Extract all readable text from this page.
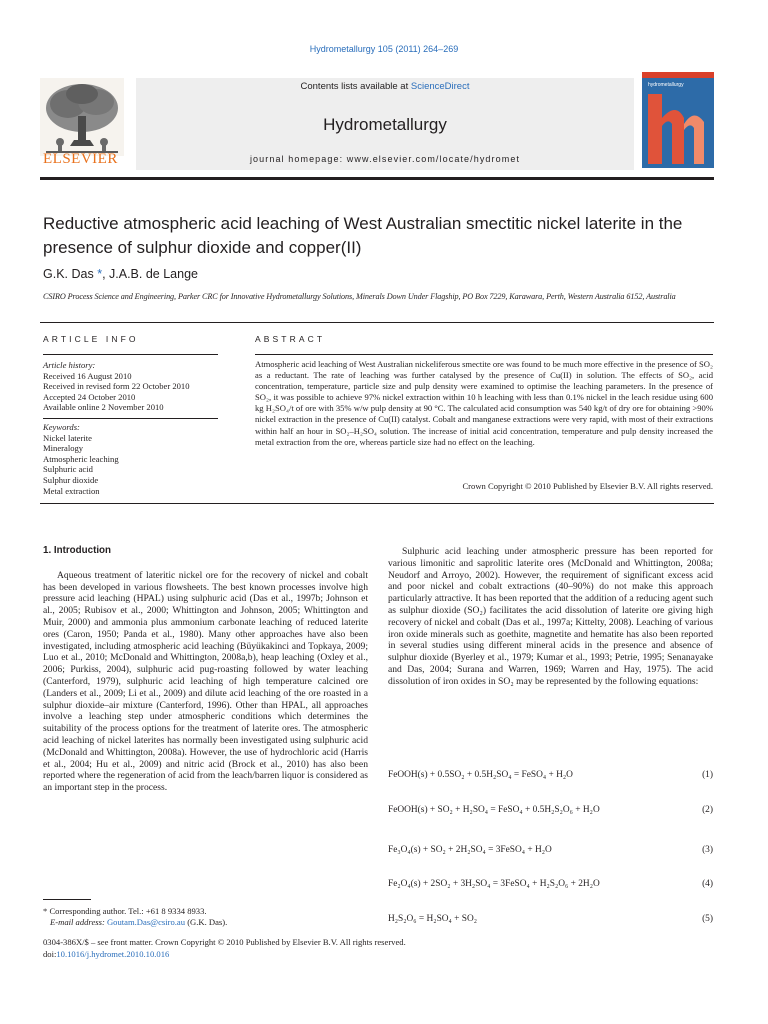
Hydrometallurgy 105 (2011) 264–269
ELSEVIER
Contents lists available at ScienceDirect
Hydrometallurgy
journal homepage: www.elsevier.com/locate/hydromet
hydrometallurgy
Reductive atmospheric acid leaching of West Australian smectitic nickel laterite in the presence of sulphur dioxide and copper(II)
G.K. Das *, J.A.B. de Lange
CSIRO Process Science and Engineering, Parker CRC for Innovative Hydrometallurgy Solutions, Minerals Down Under Flagship, PO Box 7229, Karawara, Perth, Western Australia 6152, Australia
ARTICLE INFO	ABSTRACT
Article history:
Received 16 August 2010
Received in revised form 22 October 2010
Accepted 24 October 2010
Available online 2 November 2010
Keywords:
Nickel laterite
Mineralogy
Atmospheric leaching
Sulphuric acid
Sulphur dioxide
Metal extraction
Atmospheric acid leaching of West Australian nickeliferous smectite ore was found to be much more effective in the presence of SO₂ as a reductant. The rate of leaching was further catalysed by the presence of Cu(II) in solution. The effects of SO₂, acid concentration, temperature, particle size and pulp density were examined to optimise the leaching parameters. In the presence of SO₂, it was possible to achieve 97% nickel extraction within 10 h leaching with less than 0.1% nickel in the leach residue using 600 kg H₂SO₄/t of ore with 35% w/w pulp density at 90 °C. The calculated acid consumption was 540 kg/t of dry ore for obtaining >90% nickel extraction in the presence of Cu(II) catalyst. Cobalt and manganese extractions were very rapid, with most of their extractions within half an hour in SO₂–H₂SO₄ solution. The increase of initial acid concentration, temperature and pulp density increased the metal extraction from the ore, whereas particle size had no effect on the leaching.
Crown Copyright © 2010 Published by Elsevier B.V. All rights reserved.
1. Introduction
Aqueous treatment of lateritic nickel ore for the recovery of nickel and cobalt has been developed in various flowsheets. The best known processes involve high pressure acid leaching (HPAL) using sulphuric acid (Das et al., 1997b; Johnson et al., 2005; Rubisov et al., 2000; Whittington and Johnson, 2005; Whittington and Muir, 2000) and ammonia plus ammonium carbonate leaching of reduced laterite ores (Caron, 1950; Panda et al., 1980). Many other approaches have also been investigated, including atmospheric acid leaching (Büyükakinci and Topkaya, 2009; Luo et al., 2010; McDonald and Whittington, 2008a,b), heap leaching (Oxley et al., 2006; Purkiss, 2004), sulphuric acid pug-roasting followed by water leaching (Canterford, 1979), sulphuric acid leaching of high temperature calcined ore (Landers et al., 2009; Li et al., 2009) and dilute acid leaching of the ore roasted in a sulphur dioxide–air mixture (Canterford, 1996). Other than HPAL, all approaches involve a leaching step under atmospheric conditions which determines the suitability of the process options for the treatment of laterite ores. The atmospheric acid leaching of nickel laterites has normally been investigated using sulphuric acid (McDonald and Whittington, 2008a). However, the use of hydrochloric acid (Harris et al., 2004; Hu et al., 2009) and nitric acid (Brock et al., 2010) has also been reported where the regeneration of acid from the leach/barren liquor is considered as an important step in the process.
Sulphuric acid leaching under atmospheric pressure has been reported for various limonitic and saprolitic laterite ores (McDonald and Whittington, 2008a; Neudorf and Arroyo, 2002). However, the requirement of significant excess acid and poor nickel and cobalt extractions (40–90%) do not make this approach particularly attractive. It has been reported that the addition of a reducing agent such as sulphur dioxide (SO₂) facilitates the acid dissolution of laterite ore giving high recovery of nickel and cobalt (Das et al., 1997a; Kittelty, 2008). Leaching of various iron oxide minerals such as goethite, magnetite and hematite has also been reported in several studies using different mineral acids in the presence and absence of sulphur dioxide (Byerley et al., 1979; Kumar et al., 1993; Petrie, 1995; Senanayake and Das, 2004; Surana and Warren, 1969; Warren and Hay, 1975). The acid dissolution of iron oxides in SO₂ may be represented by the following equations:
FeOOH(s) + 0.5SO₂ + 0.5H₂SO₄ = FeSO₄ + H₂O	(1)
FeOOH(s) + SO₂ + H₂SO₄ = FeSO₄ + 0.5H₂S₂O₆ + H₂O	(2)
Fe₃O₄(s) + SO₂ + 2H₂SO₄ = 3FeSO₄ + H₂O	(3)
Fe₂O₄(s) + 2SO₂ + 3H₂SO₄ = 3FeSO₄ + H₂S₂O₆ + 2H₂O	(4)
H₂S₂O₆ = H₂SO₄ + SO₂	(5)
* Corresponding author. Tel.: +61 8 9334 8933.
E-mail address: Goutam.Das@csiro.au (G.K. Das).
0304-386X/$ – see front matter. Crown Copyright © 2010 Published by Elsevier B.V. All rights reserved.
doi:10.1016/j.hydromet.2010.10.016
